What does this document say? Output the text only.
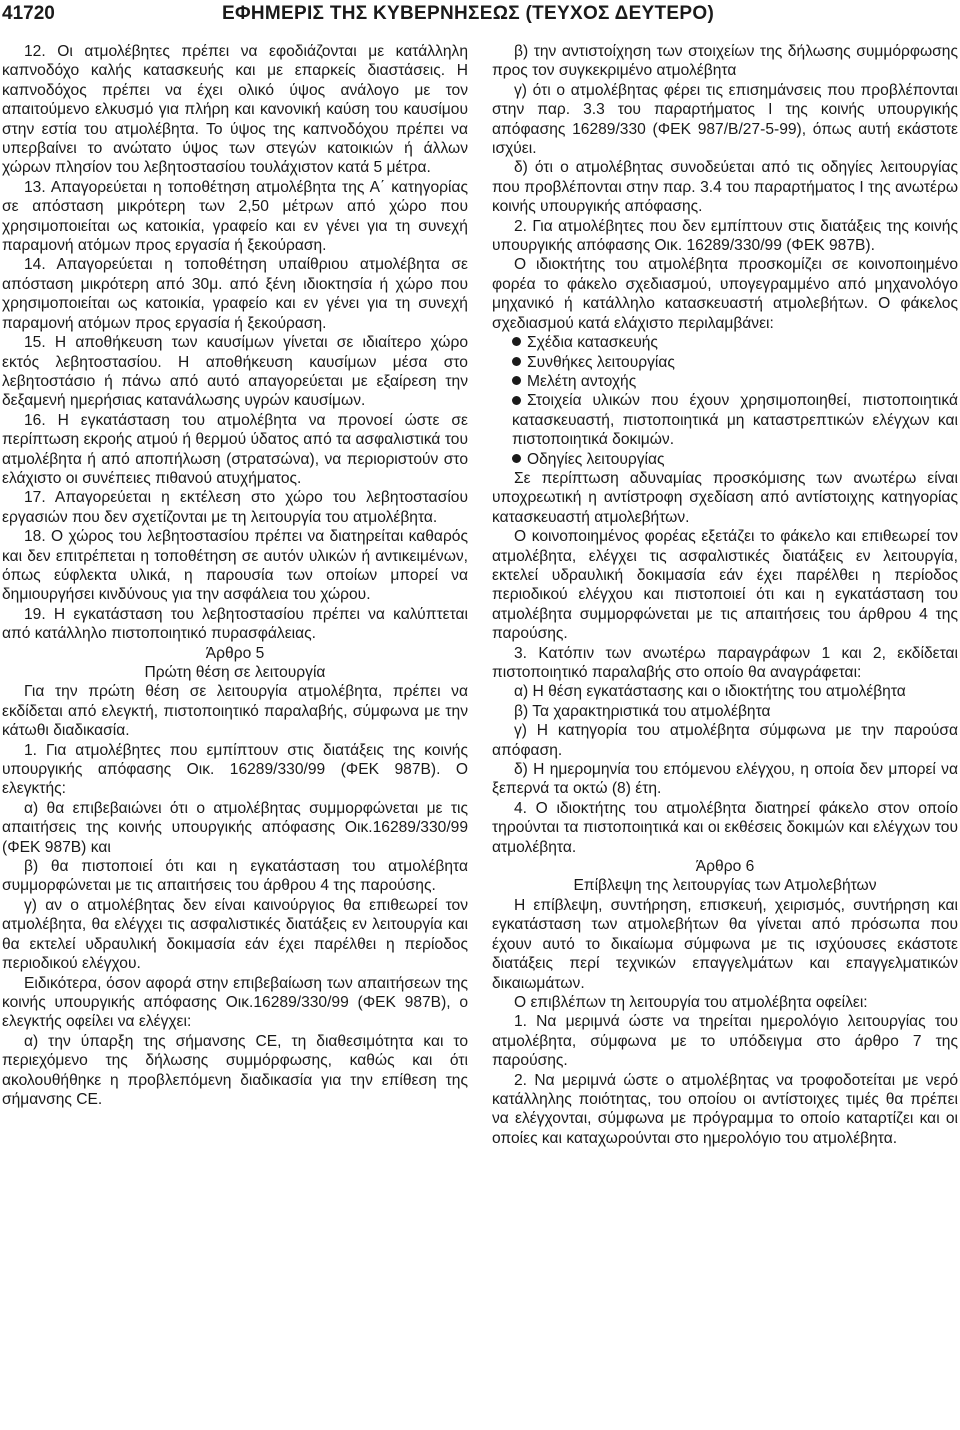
41720	ΕΦΗΜΕΡΙΣ ΤΗΣ ΚΥΒΕΡΝΗΣΕΩΣ (ΤΕΥΧΟΣ ΔΕΥΤΕΡΟ)

12. Οι ατμολέβητες πρέπει να εφοδιάζονται με κατάλληλη καπνοδόχο καλής κατασκευής και με επαρκείς διαστάσεις. Η καπνοδόχος πρέπει να έχει ολικό ύψος ανάλογο με τον απαιτούμενο ελκυσμό για πλήρη και κανονική καύση του καυσίμου στην εστία του ατμολέβητα. Το ύψος της καπνοδόχου πρέπει να υπερβαίνει το ανώτατο ύψος των στεγών κατοικιών ή άλλων χώρων πλησίον του λεβητοστασίου τουλάχιστον κατά 5 μέτρα.

13. Απαγορεύεται η τοποθέτηση ατμολέβητα της Α΄ κατηγορίας σε απόσταση μικρότερη των 2,50 μέτρων από χώρο που χρησιμοποιείται ως κατοικία, γραφείο και εν γένει για τη συνεχή παραμονή ατόμων προς εργασία ή ξεκούραση.

14. Απαγορεύεται η τοποθέτηση υπαίθριου ατμολέβητα σε απόσταση μικρότερη από 30μ. από ξένη ιδιοκτησία ή χώρο που χρησιμοποιείται ως κατοικία, γραφείο και εν γένει για τη συνεχή παραμονή ατόμων προς εργασία ή ξεκούραση.

15. Η αποθήκευση των καυσίμων γίνεται σε ιδιαίτερο χώρο εκτός λεβητοστασίου. Η αποθήκευση καυσίμων μέσα στο λεβητοστάσιο ή πάνω από αυτό απαγορεύεται με εξαίρεση την δεξαμενή ημερήσιας κατανάλωσης υγρών καυσίμων.

16. Η εγκατάσταση του ατμολέβητα να προνοεί ώστε σε περίπτωση εκροής ατμού ή θερμού ύδατος από τα ασφαλιστικά του ατμολέβητα ή από αποπήλωση (στρατσώνα), να περιοριστούν στο ελάχιστο οι συνέπειες πιθανού ατυχήματος.

17. Απαγορεύεται η εκτέλεση στο χώρο του λεβητοστασίου εργασιών που δεν σχετίζονται με τη λειτουργία του ατμολέβητα.

18. Ο χώρος του λεβητοστασίου πρέπει να διατηρείται καθαρός και δεν επιτρέπεται η τοποθέτηση σε αυτόν υλικών ή αντικειμένων, όπως εύφλεκτα υλικά, η παρουσία των οποίων μπορεί να δημιουργήσει κινδύνους για την ασφάλεια του χώρου.

19. Η εγκατάσταση του λεβητοστασίου πρέπει να καλύπτεται από κατάλληλο πιστοποιητικό πυρασφάλειας.

Άρθρο 5

Πρώτη θέση σε λειτουργία

Για την πρώτη θέση σε λειτουργία ατμολέβητα, πρέπει να εκδίδεται από ελεγκτή, πιστοποιητικό παραλαβής, σύμφωνα με την κάτωθι διαδικασία.

1. Για ατμολέβητες που εμπίπτουν στις διατάξεις της κοινής υπουργικής απόφασης Οικ. 16289/330/99 (ΦΕΚ 987Β). Ο ελεγκτής:

α) θα επιβεβαιώνει ότι ο ατμολέβητας συμμορφώνεται με τις απαιτήσεις της κοινής υπουργικής απόφασης Οικ.16289/330/99 (ΦΕΚ 987Β) και

β) θα πιστοποιεί ότι και η εγκατάσταση του ατμολέβητα συμμορφώνεται με τις απαιτήσεις του άρθρου 4 της παρούσης.

γ) αν ο ατμολέβητας δεν είναι καινούργιος θα επιθεωρεί τον ατμολέβητα, θα ελέγχει τις ασφαλιστικές διατάξεις εν λειτουργία και θα εκτελεί υδραυλική δοκιμασία εάν έχει παρέλθει η περίοδος περιοδικού ελέγχου.

Ειδικότερα, όσον αφορά στην επιβεβαίωση των απαιτήσεων της κοινής υπουργικής απόφασης Οικ.16289/330/99 (ΦΕΚ 987Β), ο ελεγκτής οφείλει να ελέγχει:

α) την ύπαρξη της σήμανσης CE, τη διαθεσιμότητα και το περιεχόμενο της δήλωσης συμμόρφωσης, καθώς και ότι ακολουθήθηκε η προβλεπόμενη διαδικασία για την επίθεση της σήμανσης CE.

β) την αντιστοίχηση των στοιχείων της δήλωσης συμμόρφωσης προς τον συγκεκριμένο ατμολέβητα

γ) ότι ο ατμολέβητας φέρει τις επισημάνσεις που προβλέπονται στην παρ. 3.3 του παραρτήματος Ι της κοινής υπουργικής απόφασης 16289/330 (ΦΕΚ 987/Β/27-5-99), όπως αυτή εκάστοτε ισχύει.

δ) ότι ο ατμολέβητας συνοδεύεται από τις οδηγίες λειτουργίας που προβλέπονται στην παρ. 3.4 του παραρτήματος Ι της ανωτέρω κοινής υπουργικής απόφασης.

2. Για ατμολέβητες που δεν εμπίπτουν στις διατάξεις της κοινής υπουργικής απόφασης Οικ. 16289/330/99 (ΦΕΚ 987Β).

Ο ιδιοκτήτης του ατμολέβητα προσκομίζει σε κοινοποιημένο φορέα το φάκελο σχεδιασμού, υπογεγραμμένο από μηχανολόγο μηχανικό ή κατάλληλο κατασκευαστή ατμολεβήτων. Ο φάκελος σχεδιασμού κατά ελάχιστο περιλαμβάνει:

Σχέδια κατασκευής

Συνθήκες λειτουργίας

Μελέτη αντοχής

Στοιχεία υλικών που έχουν χρησιμοποιηθεί, πιστοποιητικά κατασκευαστή, πιστοποιητικά μη καταστρεπτικών ελέγχων και πιστοποιητικά δοκιμών.

Οδηγίες λειτουργίας

Σε περίπτωση αδυναμίας προσκόμισης των ανωτέρω είναι υποχρεωτική η αντίστροφη σχεδίαση από αντίστοιχης κατηγορίας κατασκευαστή ατμολεβήτων.

Ο κοινοποιημένος φορέας εξετάζει το φάκελο και επιθεωρεί τον ατμολέβητα, ελέγχει τις ασφαλιστικές διατάξεις εν λειτουργία, εκτελεί υδραυλική δοκιμασία εάν έχει παρέλθει η περίοδος περιοδικού ελέγχου και πιστοποιεί ότι και η εγκατάσταση του ατμολέβητα συμμορφώνεται με τις απαιτήσεις του άρθρου 4 της παρούσης.

3. Κατόπιν των ανωτέρω παραγράφων 1 και 2, εκδίδεται πιστοποιητικό παραλαβής στο οποίο θα αναγράφεται:

α) Η θέση εγκατάστασης και ο ιδιοκτήτης του ατμολέβητα

β) Τα χαρακτηριστικά του ατμολέβητα

γ) Η κατηγορία του ατμολέβητα σύμφωνα με την παρούσα απόφαση.

δ) Η ημερομηνία του επόμενου ελέγχου, η οποία δεν μπορεί να ξεπερνά τα οκτώ (8) έτη.

4. Ο ιδιοκτήτης του ατμολέβητα διατηρεί φάκελο στον οποίο τηρούνται τα πιστοποιητικά και οι εκθέσεις δοκιμών και ελέγχων του ατμολέβητα.

Άρθρο 6

Επίβλεψη της λειτουργίας των Ατμολεβήτων

Η επίβλεψη, συντήρηση, επισκευή, χειρισμός, συντήρηση και εγκατάσταση των ατμολεβήτων θα γίνεται από πρόσωπα που έχουν αυτό το δικαίωμα σύμφωνα με τις ισχύουσες εκάστοτε διατάξεις περί τεχνικών επαγγελμάτων και επαγγελματικών δικαιωμάτων.

Ο επιβλέπων τη λειτουργία του ατμολέβητα οφείλει:

1. Να μεριμνά ώστε να τηρείται ημερολόγιο λειτουργίας του ατμολέβητα, σύμφωνα με το υπόδειγμα στο άρθρο 7 της παρούσης.

2. Να μεριμνά ώστε ο ατμολέβητας να τροφοδοτείται με νερό κατάλληλης ποιότητας, του οποίου οι αντίστοιχες τιμές θα πρέπει να ελέγχονται, σύμφωνα με πρόγραμμα το οποίο καταρτίζει και οι οποίες και καταχωρούνται στο ημερολόγιο του ατμολέβητα.
